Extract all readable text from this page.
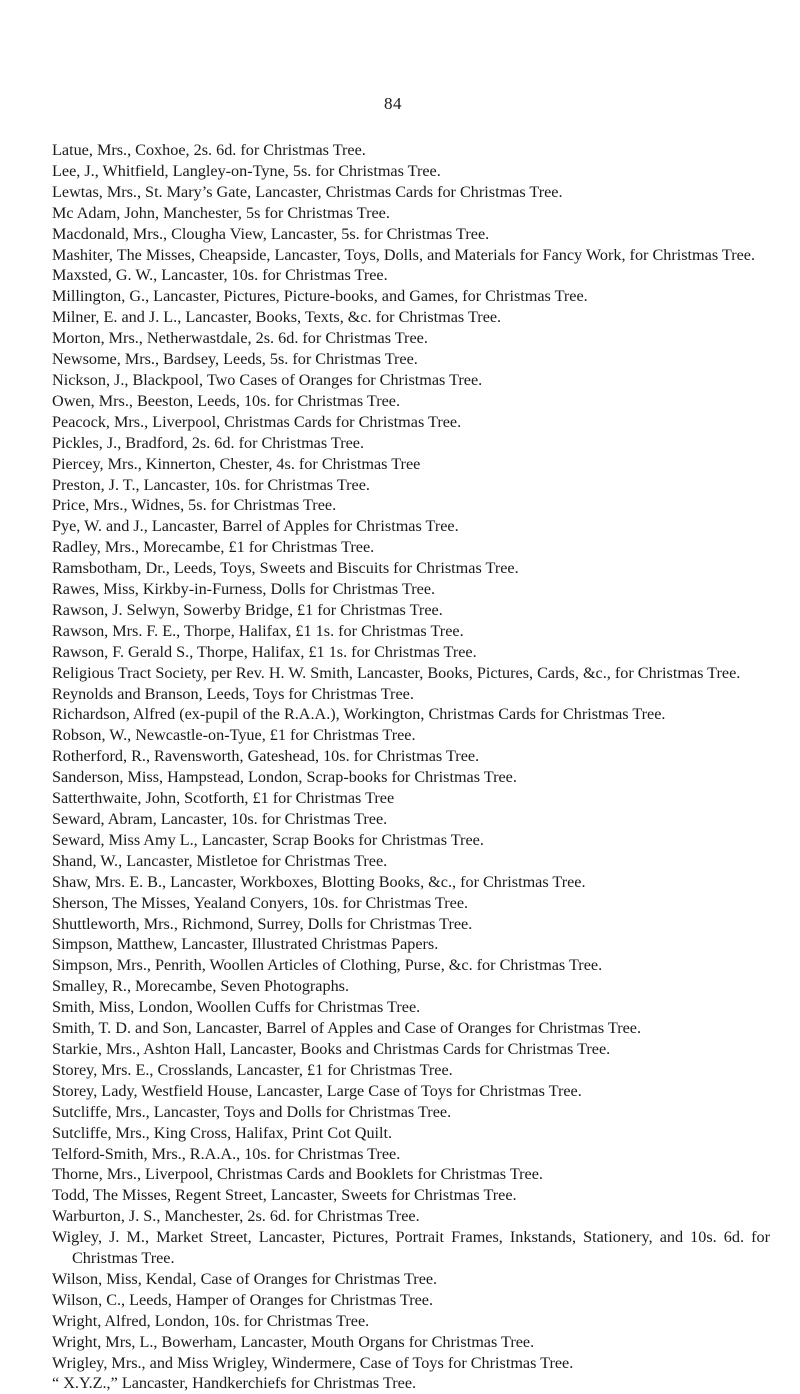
84
Latue, Mrs., Coxhoe, 2s. 6d. for Christmas Tree.
Lee, J., Whitfield, Langley-on-Tyne, 5s. for Christmas Tree.
Lewtas, Mrs., St. Mary’s Gate, Lancaster, Christmas Cards for Christmas Tree.
Mc Adam, John, Manchester, 5s for Christmas Tree.
Macdonald, Mrs., Clougha View, Lancaster, 5s. for Christmas Tree.
Mashiter, The Misses, Cheapside, Lancaster, Toys, Dolls, and Materials for Fancy Work, for Christmas Tree.
Maxsted, G. W., Lancaster, 10s. for Christmas Tree.
Millington, G., Lancaster, Pictures, Picture-books, and Games, for Christmas Tree.
Milner, E. and J. L., Lancaster, Books, Texts, &c. for Christmas Tree.
Morton, Mrs., Netherwastdale, 2s. 6d. for Christmas Tree.
Newsome, Mrs., Bardsey, Leeds, 5s. for Christmas Tree.
Nickson, J., Blackpool, Two Cases of Oranges for Christmas Tree.
Owen, Mrs., Beeston, Leeds, 10s. for Christmas Tree.
Peacock, Mrs., Liverpool, Christmas Cards for Christmas Tree.
Pickles, J., Bradford, 2s. 6d. for Christmas Tree.
Piercey, Mrs., Kinnerton, Chester, 4s. for Christmas Tree
Preston, J. T., Lancaster, 10s. for Christmas Tree.
Price, Mrs., Widnes, 5s. for Christmas Tree.
Pye, W. and J., Lancaster, Barrel of Apples for Christmas Tree.
Radley, Mrs., Morecambe, £1 for Christmas Tree.
Ramsbotham, Dr., Leeds, Toys, Sweets and Biscuits for Christmas Tree.
Rawes, Miss, Kirkby-in-Furness, Dolls for Christmas Tree.
Rawson, J. Selwyn, Sowerby Bridge, £1 for Christmas Tree.
Rawson, Mrs. F. E., Thorpe, Halifax, £1 1s. for Christmas Tree.
Rawson, F. Gerald S., Thorpe, Halifax, £1 1s. for Christmas Tree.
Religious Tract Society, per Rev. H. W. Smith, Lancaster, Books, Pictures, Cards, &c., for Christmas Tree.
Reynolds and Branson, Leeds, Toys for Christmas Tree.
Richardson, Alfred (ex-pupil of the R.A.A.), Workington, Christmas Cards for Christmas Tree.
Robson, W., Newcastle-on-Tyue, £1 for Christmas Tree.
Rotherford, R., Ravensworth, Gateshead, 10s. for Christmas Tree.
Sanderson, Miss, Hampstead, London, Scrap-books for Christmas Tree.
Satterthwaite, John, Scotforth, £1 for Christmas Tree
Seward, Abram, Lancaster, 10s. for Christmas Tree.
Seward, Miss Amy L., Lancaster, Scrap Books for Christmas Tree.
Shand, W., Lancaster, Mistletoe for Christmas Tree.
Shaw, Mrs. E. B., Lancaster, Workboxes, Blotting Books, &c., for Christmas Tree.
Sherson, The Misses, Yealand Conyers, 10s. for Christmas Tree.
Shuttleworth, Mrs., Richmond, Surrey, Dolls for Christmas Tree.
Simpson, Matthew, Lancaster, Illustrated Christmas Papers.
Simpson, Mrs., Penrith, Woollen Articles of Clothing, Purse, &c. for Christmas Tree.
Smalley, R., Morecambe, Seven Photographs.
Smith, Miss, London, Woollen Cuffs for Christmas Tree.
Smith, T. D. and Son, Lancaster, Barrel of Apples and Case of Oranges for Christmas Tree.
Starkie, Mrs., Ashton Hall, Lancaster, Books and Christmas Cards for Christmas Tree.
Storey, Mrs. E., Crosslands, Lancaster, £1 for Christmas Tree.
Storey, Lady, Westfield House, Lancaster, Large Case of Toys for Christmas Tree.
Sutcliffe, Mrs., Lancaster, Toys and Dolls for Christmas Tree.
Sutcliffe, Mrs., King Cross, Halifax, Print Cot Quilt.
Telford-Smith, Mrs., R.A.A., 10s. for Christmas Tree.
Thorne, Mrs., Liverpool, Christmas Cards and Booklets for Christmas Tree.
Todd, The Misses, Regent Street, Lancaster, Sweets for Christmas Tree.
Warburton, J. S., Manchester, 2s. 6d. for Christmas Tree.
Wigley, J. M., Market Street, Lancaster, Pictures, Portrait Frames, Inkstands, Stationery, and 10s. 6d. for Christmas Tree.
Wilson, Miss, Kendal, Case of Oranges for Christmas Tree.
Wilson, C., Leeds, Hamper of Oranges for Christmas Tree.
Wright, Alfred, London, 10s. for Christmas Tree.
Wright, Mrs, L., Bowerham, Lancaster, Mouth Organs for Christmas Tree.
Wrigley, Mrs., and Miss Wrigley, Windermere, Case of Toys for Christmas Tree.
“ X.Y.Z.,” Lancaster, Handkerchiefs for Christmas Tree.
